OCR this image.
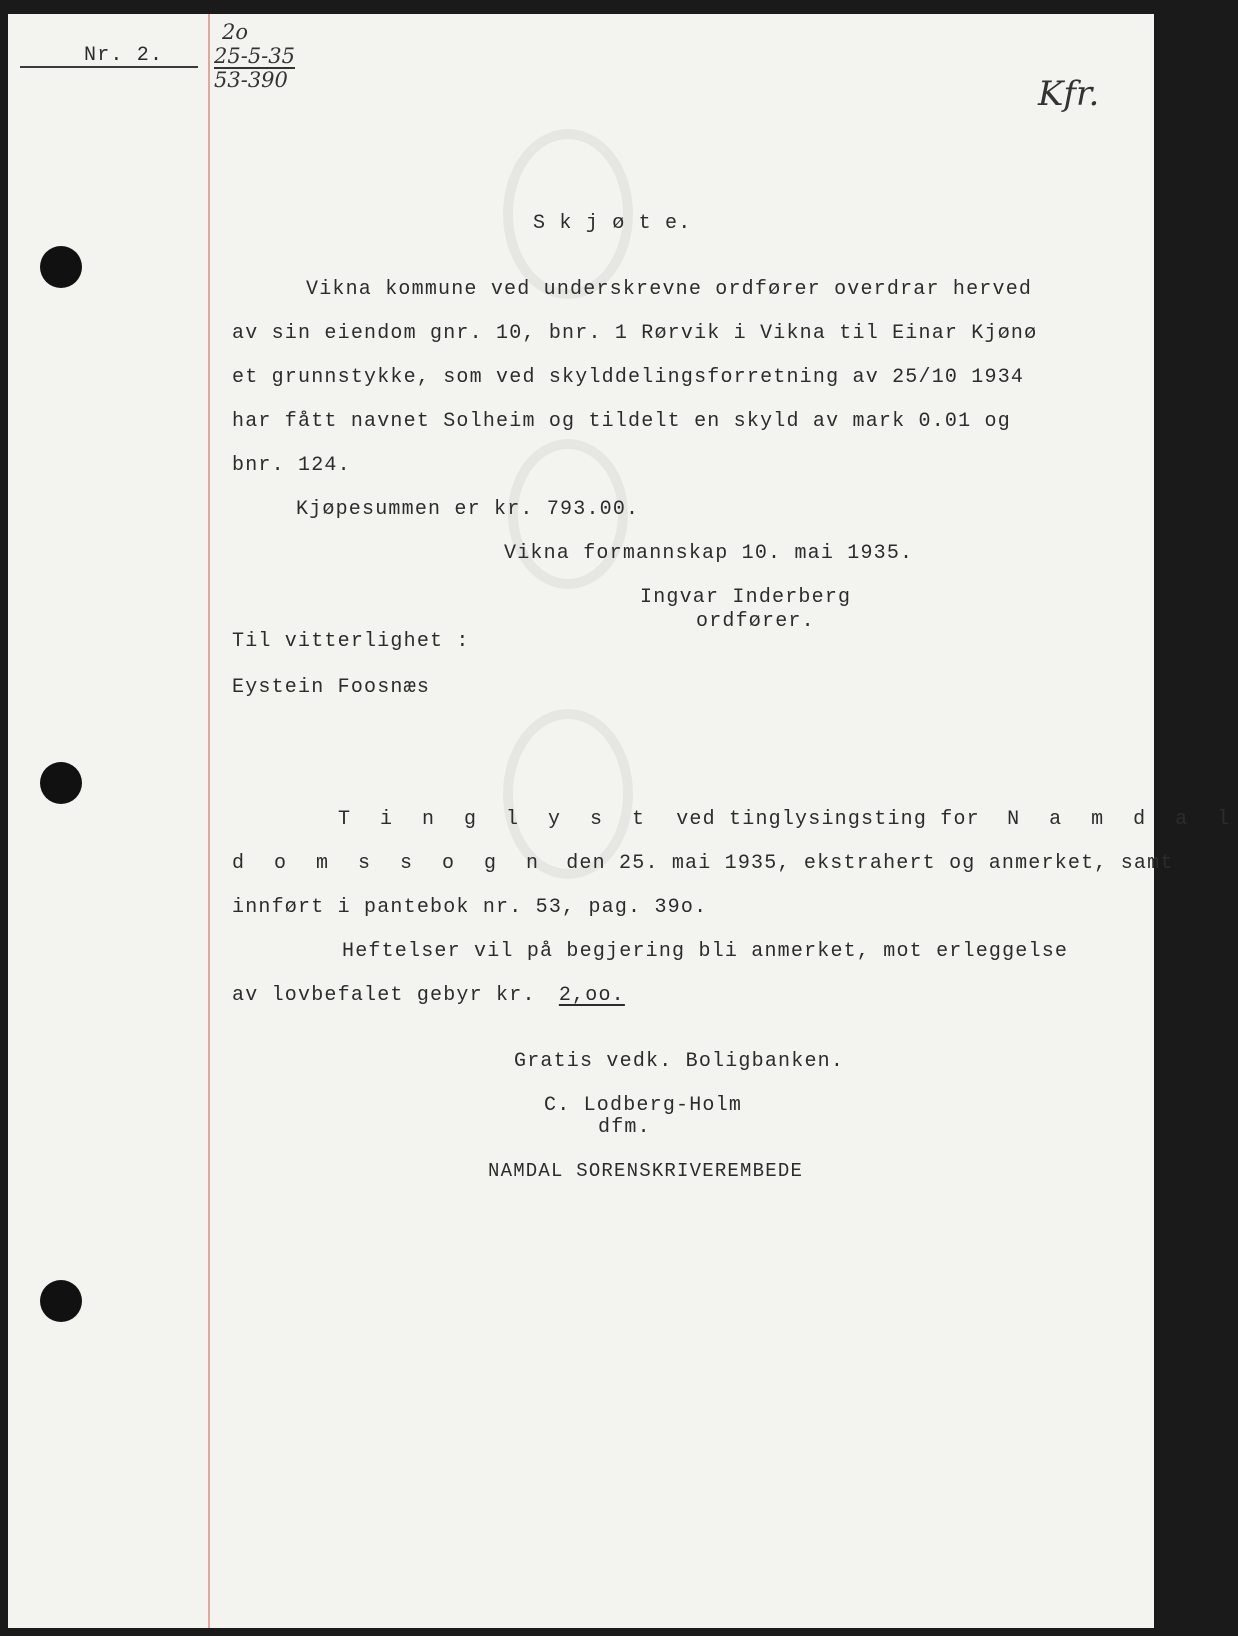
Nr. 2.
2o
25-5-35
53-390	Kfr.
S k j ø t e.
Vikna kommune ved underskrevne ordfører overdrar herved
av sin eiendom gnr. 10, bnr. 1 Rørvik i Vikna til Einar Kjønø
et grunnstykke, som ved skylddelingsforretning av 25/10 1934
har fått navnet Solheim og tildelt en skyld av mark 0.01 og
bnr. 124.
Kjøpesummen er kr. 793.00.
Vikna formannskap 10. mai 1935.
Ingvar Inderberg
ordfører.
Til vitterlighet :
Eystein Foosnæs
T i n g l y s t ved tinglysingsting for N a m d a l
d o m s s o g n den 25. mai 1935, ekstrahert og anmerket, samt
innført i pantebok nr. 53, pag. 39o.
Heftelser vil på begjering bli anmerket, mot erleggelse
av lovbefalet gebyr kr. 2,oo.
Gratis vedk. Boligbanken.
C. Lodberg-Holm
dfm.
NAMDAL SORENSKRIVEREMBEDE
